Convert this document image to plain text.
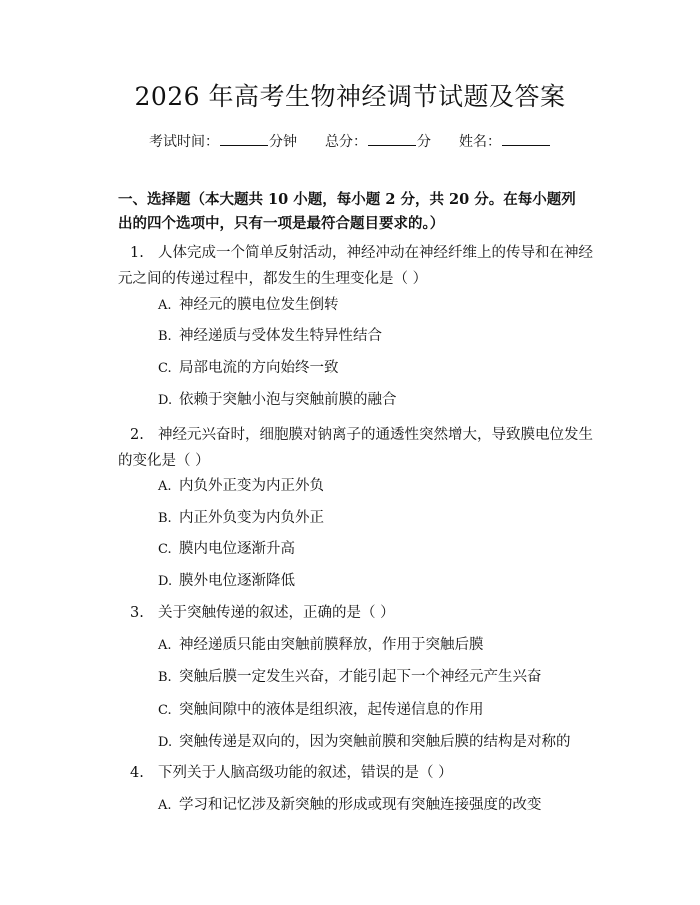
2026 年高考生物神经调节试题及答案
考试时间：	分钟 总分：	分 姓名：
一、选择题（本大题共 10 小题，每小题 2 分，共 20 分。在每小题列出的四个选项中，只有一项是最符合题目要求的。）
1. 人体完成一个简单反射活动，神经冲动在神经纤维上的传导和在神经元之间的传递过程中，都发生的生理变化是（ ）
A. 神经元的膜电位发生倒转
B. 神经递质与受体发生特异性结合
C. 局部电流的方向始终一致
D. 依赖于突触小泡与突触前膜的融合
2. 神经元兴奋时，细胞膜对钠离子的通透性突然增大，导致膜电位发生的变化是（ ）
A. 内负外正变为内正外负
B. 内正外负变为内负外正
C. 膜内电位逐渐升高
D. 膜外电位逐渐降低
3. 关于突触传递的叙述，正确的是（ ）
A. 神经递质只能由突触前膜释放，作用于突触后膜
B. 突触后膜一定发生兴奋，才能引起下一个神经元产生兴奋
C. 突触间隙中的液体是组织液，起传递信息的作用
D. 突触传递是双向的，因为突触前膜和突触后膜的结构是对称的
4. 下列关于人脑高级功能的叙述，错误的是（ ）
A. 学习和记忆涉及新突触的形成或现有突触连接强度的改变
